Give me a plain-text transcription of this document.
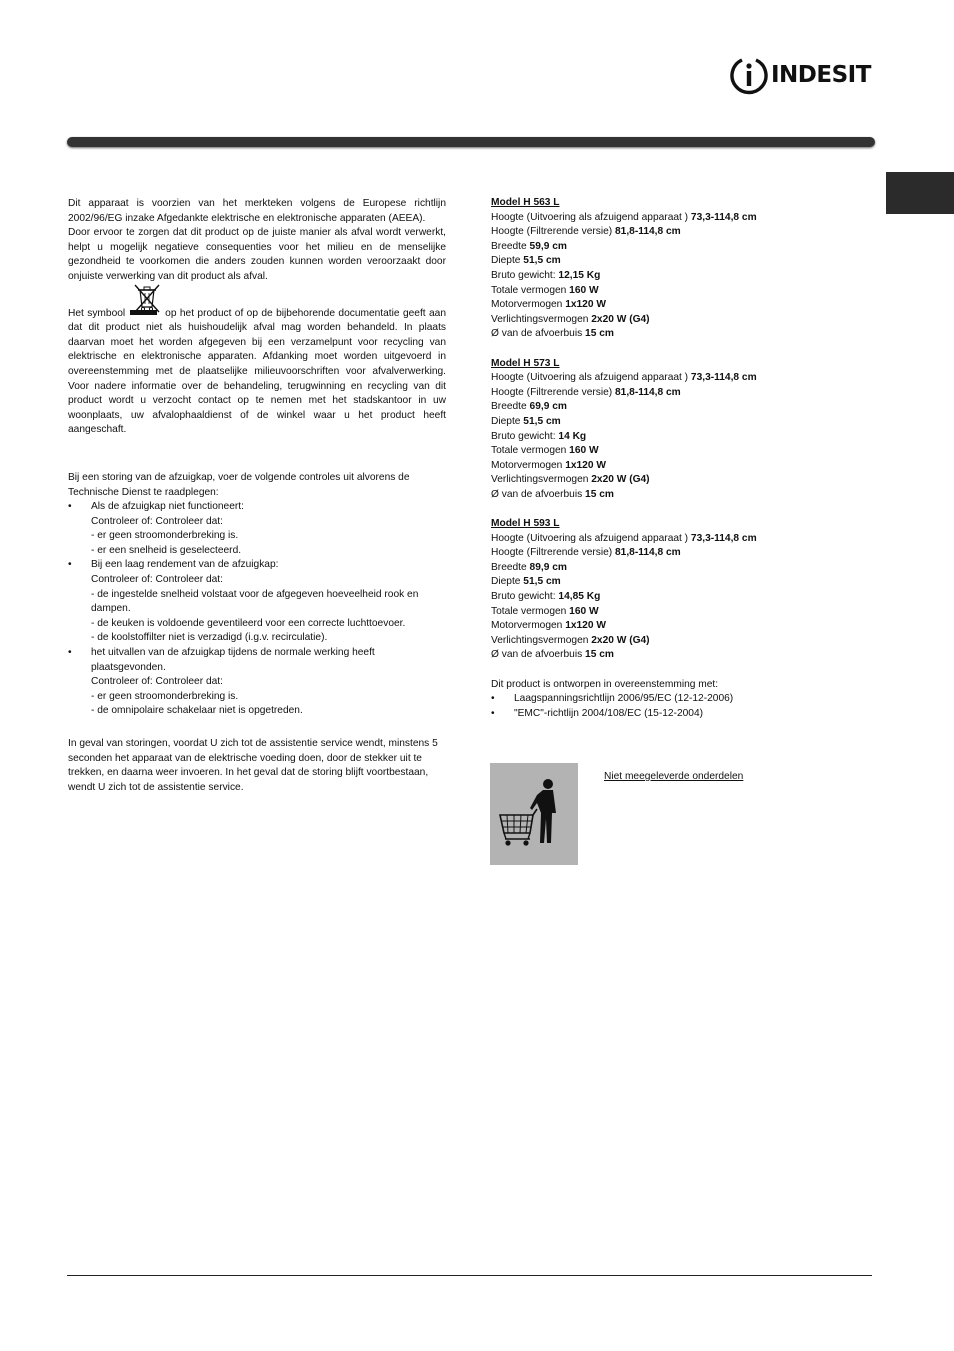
INDESIT

Dit apparaat is voorzien van het merkteken volgens de Europese richtlijn 2002/96/EG inzake Afgedankte elektrische en elektronische apparaten (AEEA).

Door ervoor te zorgen dat dit product op de juiste manier als afval wordt verwerkt, helpt u mogelijk negatieve consequenties voor het milieu en de menselijke gezondheid te voorkomen die anders zouden kunnen worden veroorzaakt door onjuiste verwerking van dit product als afval.

Het symbool	op het product of op de bijbehorende documentatie geeft aan dat dit product niet als huishoudelijk afval mag worden behandeld. In plaats daarvan moet het worden afgegeven bij een verzamelpunt voor recycling van elektrische en elektronische apparaten. Afdanking moet worden uitgevoerd in overeenstemming met de plaatselijke milieuvoorschriften voor afvalverwerking. Voor nadere informatie over de behandeling, terugwinning en recycling van dit product wordt u verzocht contact op te nemen met het stadskantoor in uw woonplaats, uw afvalophaaldienst of de winkel waar u het product heeft aangeschaft.

Bij een storing van de afzuigkap, voer de volgende controles uit alvorens de Technische Dienst te raadplegen:

• Als de afzuigkap niet functioneert:
Controleer of: Controleer dat:
- er geen stroomonderbreking is.
- er een snelheid is geselecteerd.
• Bij een laag rendement van de afzuigkap:
Controleer of: Controleer dat:
- de ingestelde snelheid volstaat voor de afgegeven hoeveelheid rook en dampen.
- de keuken is voldoende geventileerd voor een correcte luchttoevoer.
- de koolstoffilter niet is verzadigd (i.g.v. recirculatie).
• het uitvallen van de afzuigkap tijdens de normale werking heeft plaatsgevonden.
Controleer of: Controleer dat:
- er geen stroomonderbreking is.
- de omnipolaire schakelaar niet is opgetreden.

In geval van storingen, voordat U zich tot de assistentie service wendt, minstens 5 seconden het apparaat van de elektrische voeding doen, door de stekker uit te trekken, en daarna weer invoeren. In het geval dat de storing blijft voortbestaan, wendt U zich tot de assistentie service.

Model H 563 L
Hoogte (Uitvoering als afzuigend apparaat ) 73,3-114,8 cm
Hoogte (Filtrerende versie) 81,8-114,8 cm
Breedte 59,9 cm
Diepte 51,5 cm
Bruto gewicht: 12,15 Kg
Totale vermogen 160 W
Motorvermogen 1x120 W
Verlichtingsvermogen 2x20 W (G4)
Ø van de afvoerbuis 15 cm
Model H 573 L
Hoogte (Uitvoering als afzuigend apparaat ) 73,3-114,8 cm
Hoogte (Filtrerende versie) 81,8-114,8 cm
Breedte 69,9 cm
Diepte 51,5 cm
Bruto gewicht: 14 Kg
Totale vermogen 160 W
Motorvermogen 1x120 W
Verlichtingsvermogen 2x20 W (G4)
Ø van de afvoerbuis 15 cm
Model H 593 L
Hoogte (Uitvoering als afzuigend apparaat ) 73,3-114,8 cm
Hoogte (Filtrerende versie) 81,8-114,8 cm
Breedte 89,9 cm
Diepte 51,5 cm
Bruto gewicht: 14,85 Kg
Totale vermogen 160 W
Motorvermogen 1x120 W
Verlichtingsvermogen 2x20 W (G4)
Ø van de afvoerbuis 15 cm

Dit product is ontworpen in overeenstemming met:

• Laagspanningsrichtlijn 2006/95/EC (12-12-2006)
• "EMC"-richtlijn 2004/108/EC (15-12-2004)
Niet meegeleverde onderdelen
